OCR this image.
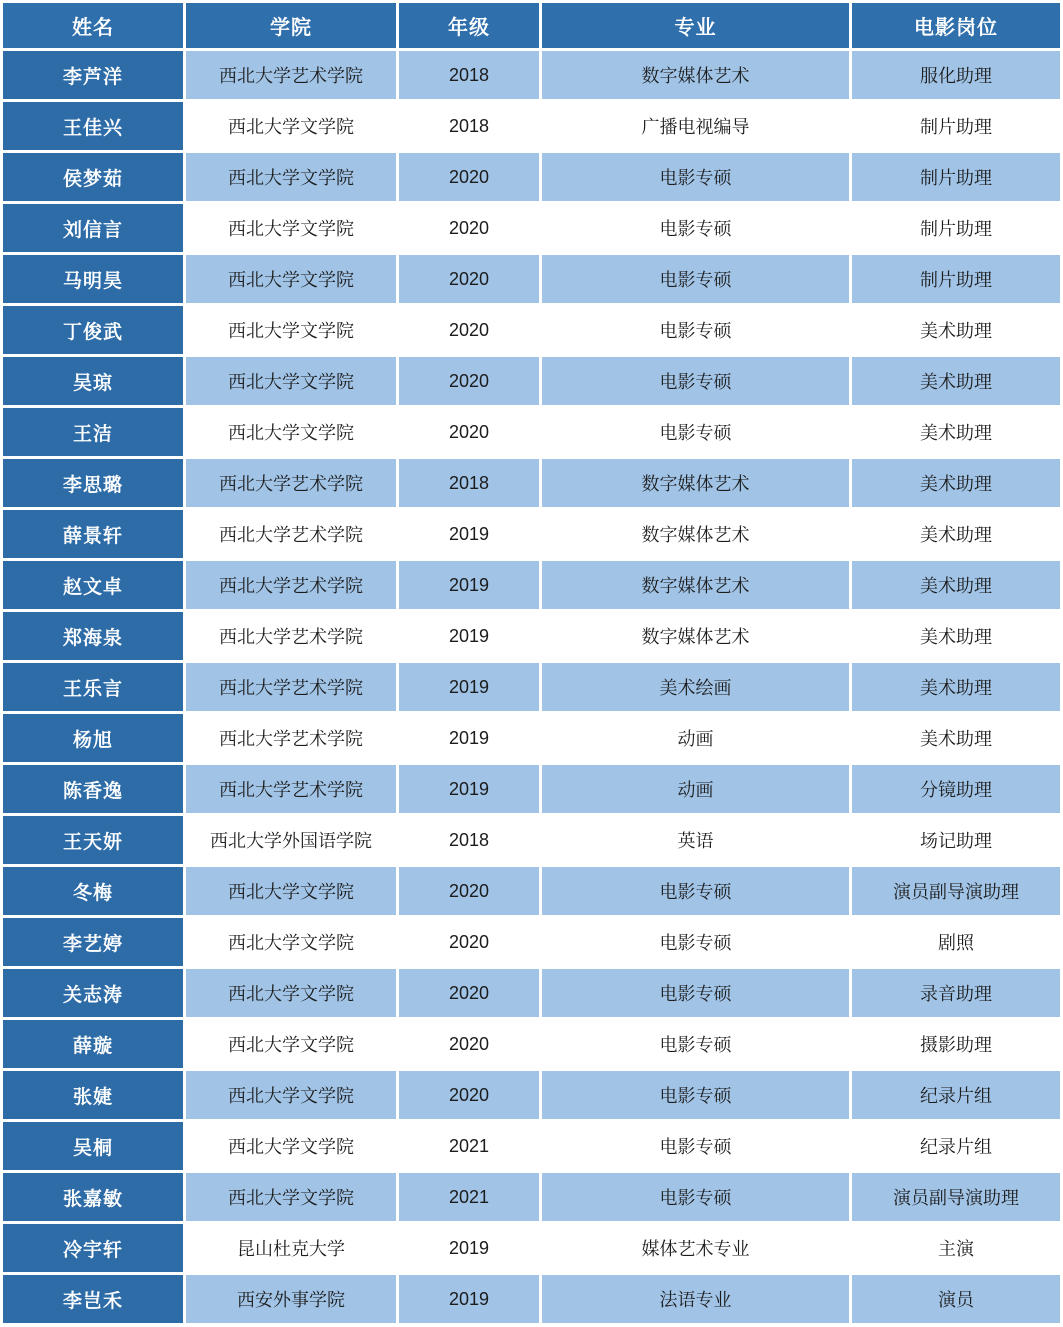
姓名	学院	年级	专业	电影岗位
李芦洋	西北大学艺术学院	2018	数字媒体艺术	服化助理
王佳兴	西北大学文学院	2018	广播电视编导	制片助理
侯梦茹	西北大学文学院	2020	电影专硕	制片助理
刘信言	西北大学文学院	2020	电影专硕	制片助理
马明昊	西北大学文学院	2020	电影专硕	制片助理
丁俊武	西北大学文学院	2020	电影专硕	美术助理
吴琼	西北大学文学院	2020	电影专硕	美术助理
王洁	西北大学文学院	2020	电影专硕	美术助理
李思璐	西北大学艺术学院	2018	数字媒体艺术	美术助理
薛景轩	西北大学艺术学院	2019	数字媒体艺术	美术助理
赵文卓	西北大学艺术学院	2019	数字媒体艺术	美术助理
郑海泉	西北大学艺术学院	2019	数字媒体艺术	美术助理
王乐言	西北大学艺术学院	2019	美术绘画	美术助理
杨旭	西北大学艺术学院	2019	动画	美术助理
陈香逸	西北大学艺术学院	2019	动画	分镜助理
王天妍	西北大学外国语学院	2018	英语	场记助理
冬梅	西北大学文学院	2020	电影专硕	演员副导演助理
李艺婷	西北大学文学院	2020	电影专硕	剧照
关志涛	西北大学文学院	2020	电影专硕	录音助理
薛璇	西北大学文学院	2020	电影专硕	摄影助理
张婕	西北大学文学院	2020	电影专硕	纪录片组
吴桐	西北大学文学院	2021	电影专硕	纪录片组
张嘉敏	西北大学文学院	2021	电影专硕	演员副导演助理
冷宇轩	昆山杜克大学	2019	媒体艺术专业	主演
李岂禾	西安外事学院	2019	法语专业	演员
